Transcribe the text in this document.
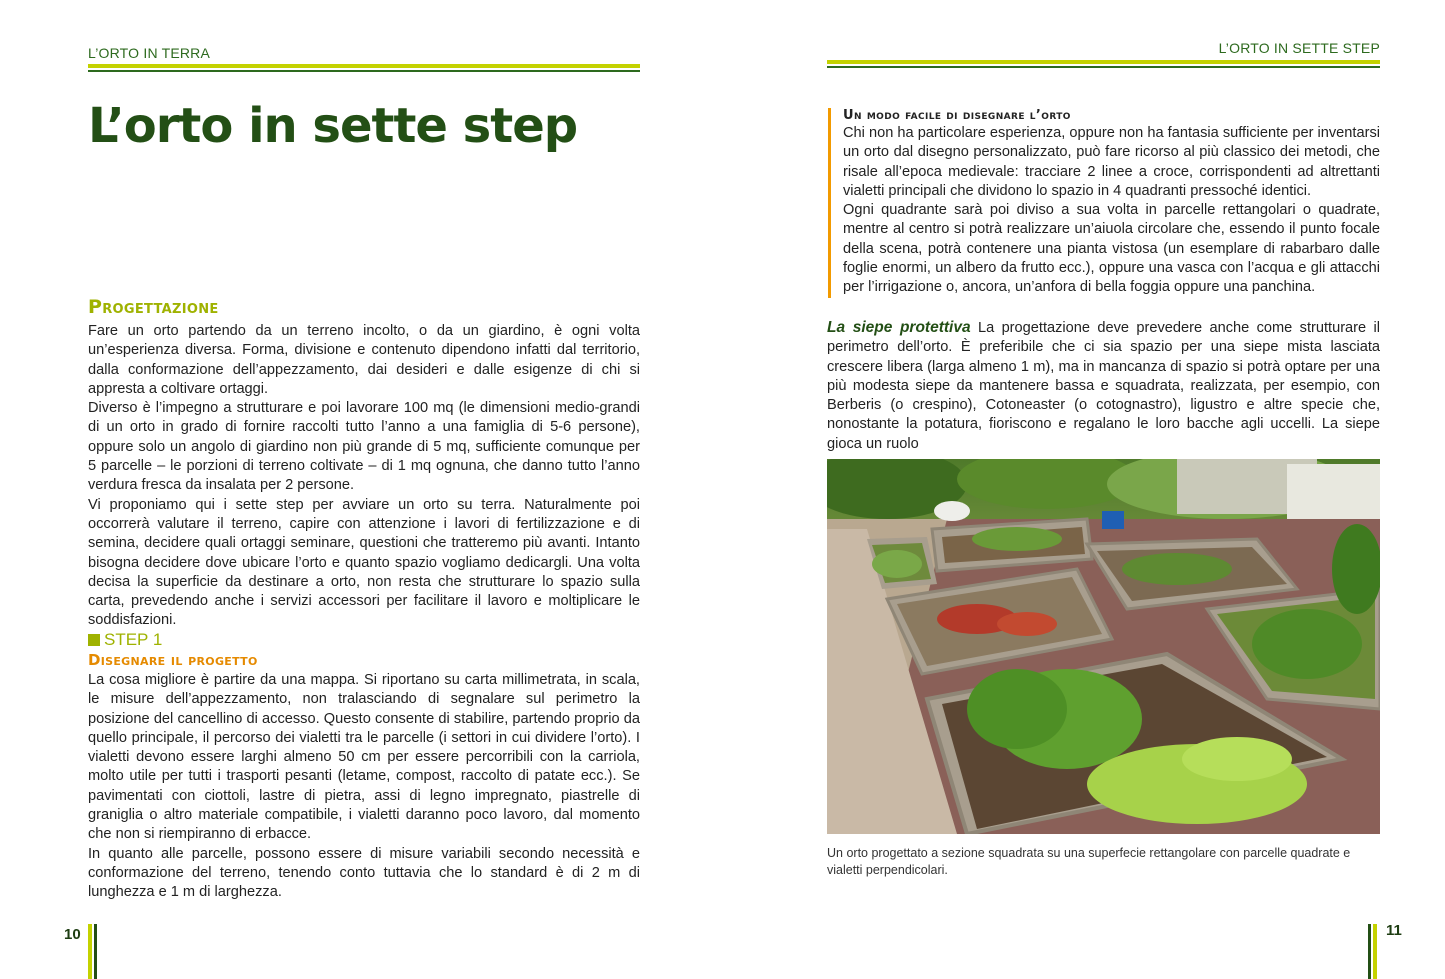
L’ORTO IN TERRA
L’orto in sette step
Progettazione

Fare un orto partendo da un terreno incolto, o da un giardino, è ogni volta un’esperienza diversa. Forma, divisione e contenuto dipendono infatti dal territorio, dalla conformazione dell’appezzamento, dai desideri e dalle esigenze di chi si appresta a coltivare ortaggi.

Diverso è l’impegno a strutturare e poi lavorare 100 mq (le dimensioni medio-grandi di un orto in grado di fornire raccolti tutto l’anno a una famiglia di 5-6 persone), oppure solo un angolo di giardino non più grande di 5 mq, sufficiente comunque per 5 parcelle – le porzioni di terreno coltivate – di 1 mq ognuna, che danno tutto l’anno verdura fresca da insalata per 2 persone.

Vi proponiamo qui i sette step per avviare un orto su terra. Naturalmente poi occorrerà valutare il terreno, capire con attenzione i lavori di fertilizzazione e di semina, decidere quali ortaggi seminare, questioni che tratteremo più avanti. Intanto bisogna decidere dove ubicare l’orto e quanto spazio vogliamo dedicargli. Una volta decisa la superficie da destinare a orto, non resta che strutturare lo spazio sulla carta, prevedendo anche i servizi accessori per facilitare il lavoro e moltiplicare le soddisfazioni.

STEP 1
Disegnare il progetto

La cosa migliore è partire da una mappa. Si riportano su carta millimetrata, in scala, le misure dell’appezzamento, non tralasciando di segnalare sul perimetro la posizione del cancellino di accesso. Questo consente di stabilire, partendo proprio da quello principale, il percorso dei vialetti tra le parcelle (i settori in cui dividere l’orto). I vialetti devono essere larghi almeno 50 cm per essere percorribili con la carriola, molto utile per tutti i trasporti pesanti (letame, compost, raccolto di patate ecc.). Se pavimentati con ciottoli, lastre di pietra, assi di legno impregnato, piastrelle di graniglia o altro materiale compatibile, i vialetti daranno poco lavoro, dal momento che non si riempiranno di erbacce.

In quanto alle parcelle, possono essere di misure variabili secondo necessità e conformazione del terreno, tenendo conto tuttavia che lo standard è di 2 m di lunghezza e 1 m di larghezza.

10
L’ORTO IN SETTE STEP
Un modo facile di disegnare l’orto

Chi non ha particolare esperienza, oppure non ha fantasia sufficiente per inventarsi un orto dal disegno personalizzato, può fare ricorso al più classico dei metodi, che risale all’epoca medievale: tracciare 2 linee a croce, corrispondenti ad altrettanti vialetti principali che dividono lo spazio in 4 quadranti pressoché identici.

Ogni quadrante sarà poi diviso a sua volta in parcelle rettangolari o quadrate, mentre al centro si potrà realizzare un’aiuola circolare che, essendo il punto focale della scena, potrà contenere una pianta vistosa (un esemplare di rabarbaro dalle foglie enormi, un albero da frutto ecc.), oppure una vasca con l’acqua e gli attacchi per l’irrigazione o, ancora, un’anfora di bella foggia oppure una panchina.

La siepe protettiva La progettazione deve prevedere anche come strutturare il perimetro dell’orto. È preferibile che ci sia spazio per una siepe mista lasciata crescere libera (larga almeno 1 m), ma in mancanza di spazio si potrà optare per una più modesta siepe da mantenere bassa e squadrata, realizzata, per esempio, con Berberis (o crespino), Cotoneaster (o cotognastro), ligustro e altre specie che, nonostante la potatura, fioriscono e regalano le loro bacche agli uccelli. La siepe gioca un ruolo

Un orto progettato a sezione squadrata su una superfecie rettangolare con parcelle quadrate e vialetti perpendicolari.

11
